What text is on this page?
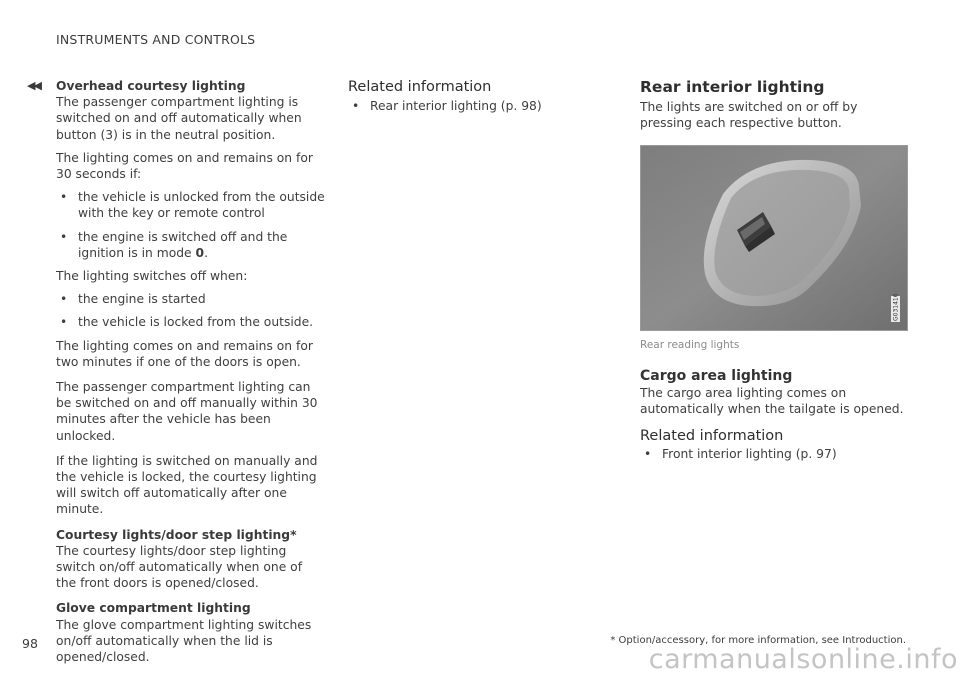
INSTRUMENTS AND CONTROLS
◀◀ Overhead courtesy lighting

The passenger compartment lighting is switched on and off automatically when button (3) is in the neutral position.

The lighting comes on and remains on for 30 seconds if:

• the vehicle is unlocked from the outside with the key or remote control
• the engine is switched off and the ignition is in mode 0.

The lighting switches off when:

• the engine is started
• the vehicle is locked from the outside.

The lighting comes on and remains on for two minutes if one of the doors is open.

The passenger compartment lighting can be switched on and off manually within 30 minutes after the vehicle has been unlocked.

If the lighting is switched on manually and the vehicle is locked, the courtesy lighting will switch off automatically after one minute.

Courtesy lights/door step lighting*

The courtesy lights/door step lighting switch on/off automatically when one of the front doors is opened/closed.

Glove compartment lighting

The glove compartment lighting switches on/off automatically when the lid is opened/closed.

Related information
• Rear interior lighting (p. 98)
Rear interior lighting

The lights are switched on or off by pressing each respective button.

G031416
Rear reading lights
Cargo area lighting

The cargo area lighting comes on automatically when the tailgate is opened.

Related information
• Front interior lighting (p. 97)
98	* Option/accessory, for more information, see Introduction.
carmanualsonline.info
